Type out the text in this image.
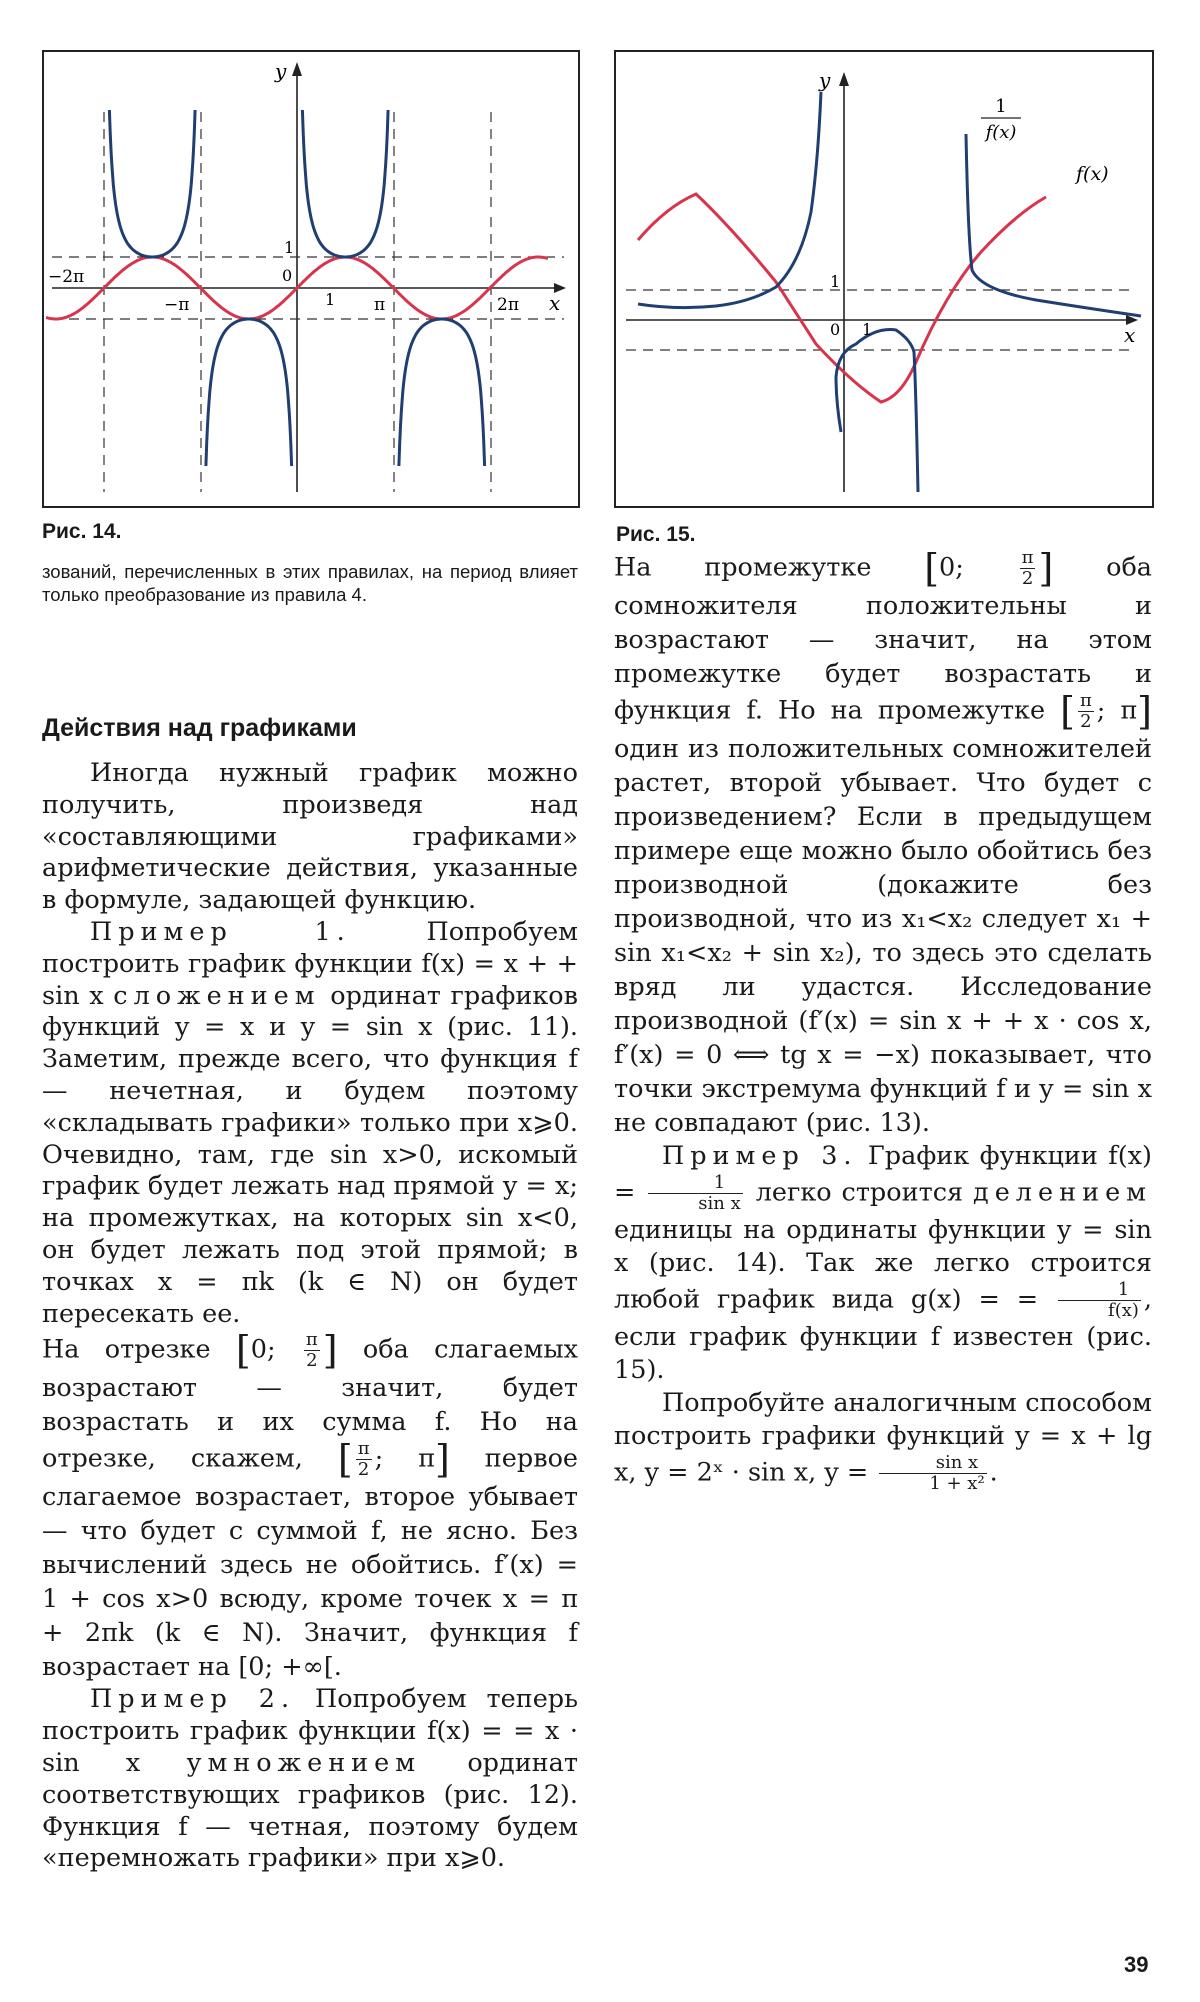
y
x
−2π
−π	π	2π
1
0
1
Рис. 14.
y
x
1
0 1
1
f(x)
f(x)
Рис. 15.
зований, перечисленных в этих правилах, на период влияет только преобразование из правила 4.
Действия над графиками

Иногда нужный график можно получить, произведя над «составляющими графиками» арифметические действия, указанные в формуле, задающей функцию.

Пример 1.	Попробуем построить график функции f(x) = x + + sin x сложением ординат графиков функций y = x и y = sin x (рис. 11). Заметим, прежде всего, что функция f — нечетная, и будем поэтому «складывать графики» только при x⩾0. Очевидно, там, где sin x>0, искомый график будет лежать над прямой y = x; на промежутках, на которых sin x<0, он будет лежать под этой прямой; в точках x = πk (k ∈ N) он будет пересекать ее.

На отрезке [0; $\frac{\pi}{2}$ ] оба слагаемых возрастают — значит, будет возрастать и их сумма f. Но на отрезке, скажем, [ $\frac{\pi}{2}$ ; π] первое слагаемое возрастает, второе убывает — что будет с суммой f, не ясно. Без вычислений здесь не обойтись. f′(x) = 1 + cos x>0 всюду, кроме точек x = π + 2πk (k ∈ N). Значит, функция f возрастает на [0; +∞[.

Пример 2. Попробуем теперь построить график функции f(x) = = x · sin x умножением ординат соответствующих графиков (рис. 12). Функция f — четная, поэтому будем «перемножать графики» при x⩾0.

На промежутке [0;	$\frac{\pi}{2}$ ] оба сомножителя положительны и возрастают — значит, на этом промежутке будет возрастать и функция f. Но на промежутке [ $\frac{\pi}{2}$ ; π] один из положительных сомножителей растет, второй убывает. Что будет с произведением? Если в предыдущем примере еще можно было обойтись без производной (докажите без производной, что из x₁<x₂ следует x₁ + sin x₁<x₂ + sin x₂), то здесь это сделать вряд ли удастся. Исследование производной (f′(x) = sin x + + x · cos x, f′(x) = 0 ⟺ tg x = −x) показывает, что точки экстремума функций f и y = sin x не совпадают (рис. 13).

Пример 3. График функции $f(x) = \frac{1}{\text{sin x}}$ легко строится делением единицы на ординаты функции y = sin x (рис. 14). Так же легко строится любой график вида g(x) = = $\frac{1}{f(x)}$ , если график функции f известен (рис. 15).

Попробуйте аналогичным способом построить графики функций y = x + lg x, y = 2ˣ · sin x, $y = \frac{\text{sin x}}{\text{1 + x²}}$ .

39
